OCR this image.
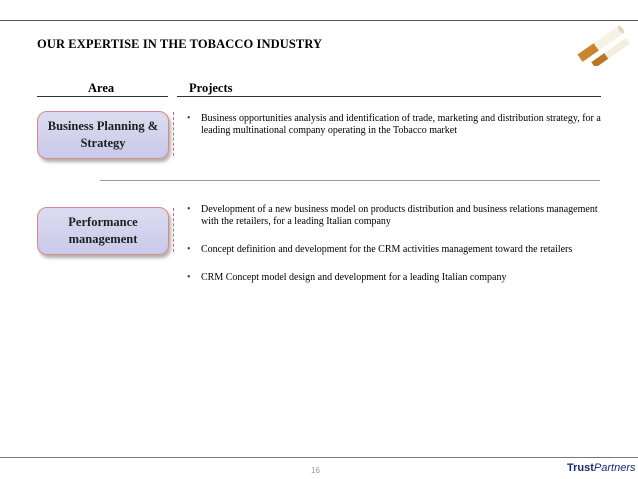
OUR EXPERTISE IN THE TOBACCO INDUSTRY
Area	Projects
Business Planning & Strategy
• Business opportunities analysis and identification of trade, marketing and distribution strategy, for a leading multinational company operating in the Tobacco market
Performance management
• Development of a new business model on products distribution and business relations management with the retailers, for a leading Italian company
• Concept definition and development for the CRM activities management toward the retailers
• CRM Concept model design and development for a leading Italian company
16	TrustPartners
